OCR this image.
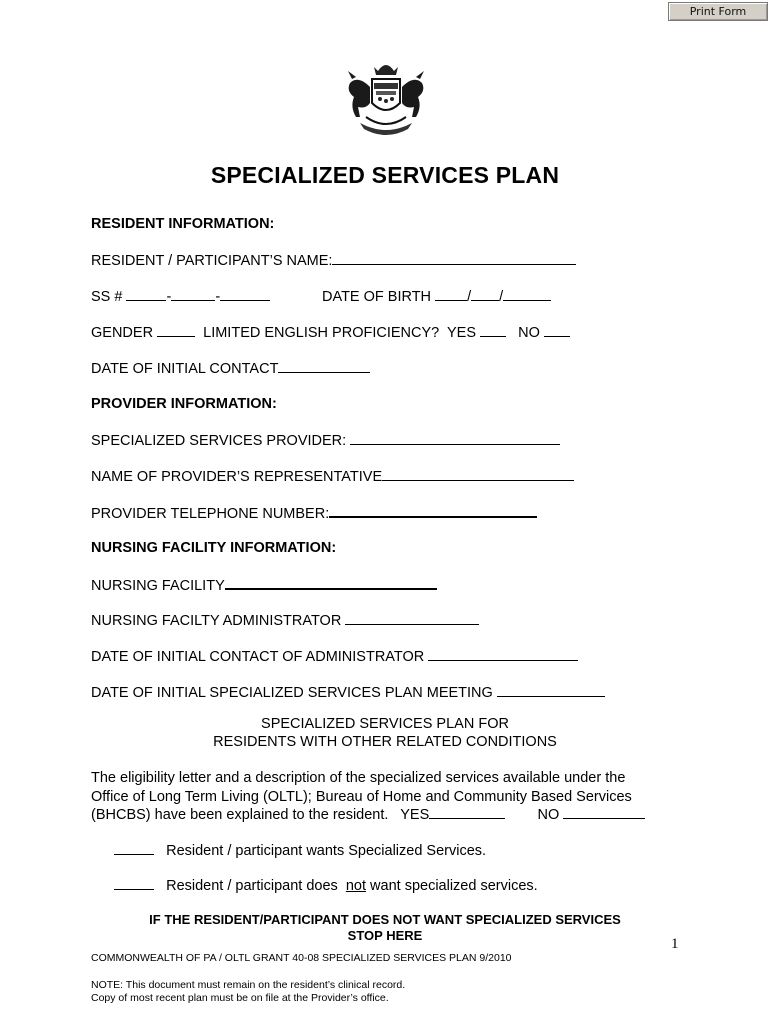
Print Form
SPECIALIZED SERVICES PLAN
RESIDENT INFORMATION:
RESIDENT / PARTICIPANT’S NAME:
SS #	-	-	DATE OF BIRTH / /
GENDER	LIMITED ENGLISH PROFICIENCY? YES	NO
DATE OF INITIAL CONTACT
PROVIDER INFORMATION:
SPECIALIZED SERVICES PROVIDER:
NAME OF PROVIDER’S REPRESENTATIVE
PROVIDER TELEPHONE NUMBER:
NURSING FACILITY INFORMATION:
NURSING FACILITY
NURSING FACILTY ADMINISTRATOR
DATE OF INITIAL CONTACT OF ADMINISTRATOR
DATE OF INITIAL SPECIALIZED SERVICES PLAN MEETING
SPECIALIZED SERVICES PLAN FOR
RESIDENTS WITH OTHER RELATED CONDITIONS
The eligibility letter and a description of the specialized services available under the
Office of Long Term Living (OLTL); Bureau of Home and Community Based Services
(BHCBS) have been explained to the resident. YES	NO
Resident / participant wants Specialized Services.
Resident / participant does not want specialized services.
IF THE RESIDENT/PARTICIPANT DOES NOT WANT SPECIALIZED SERVICES
STOP HERE
COMMONWEALTH OF PA / OLTL GRANT 40-08 SPECIALIZED SERVICES PLAN 9/2010
NOTE: This document must remain on the resident’s clinical record.
Copy of most recent plan must be on file at the Provider’s office.
1
